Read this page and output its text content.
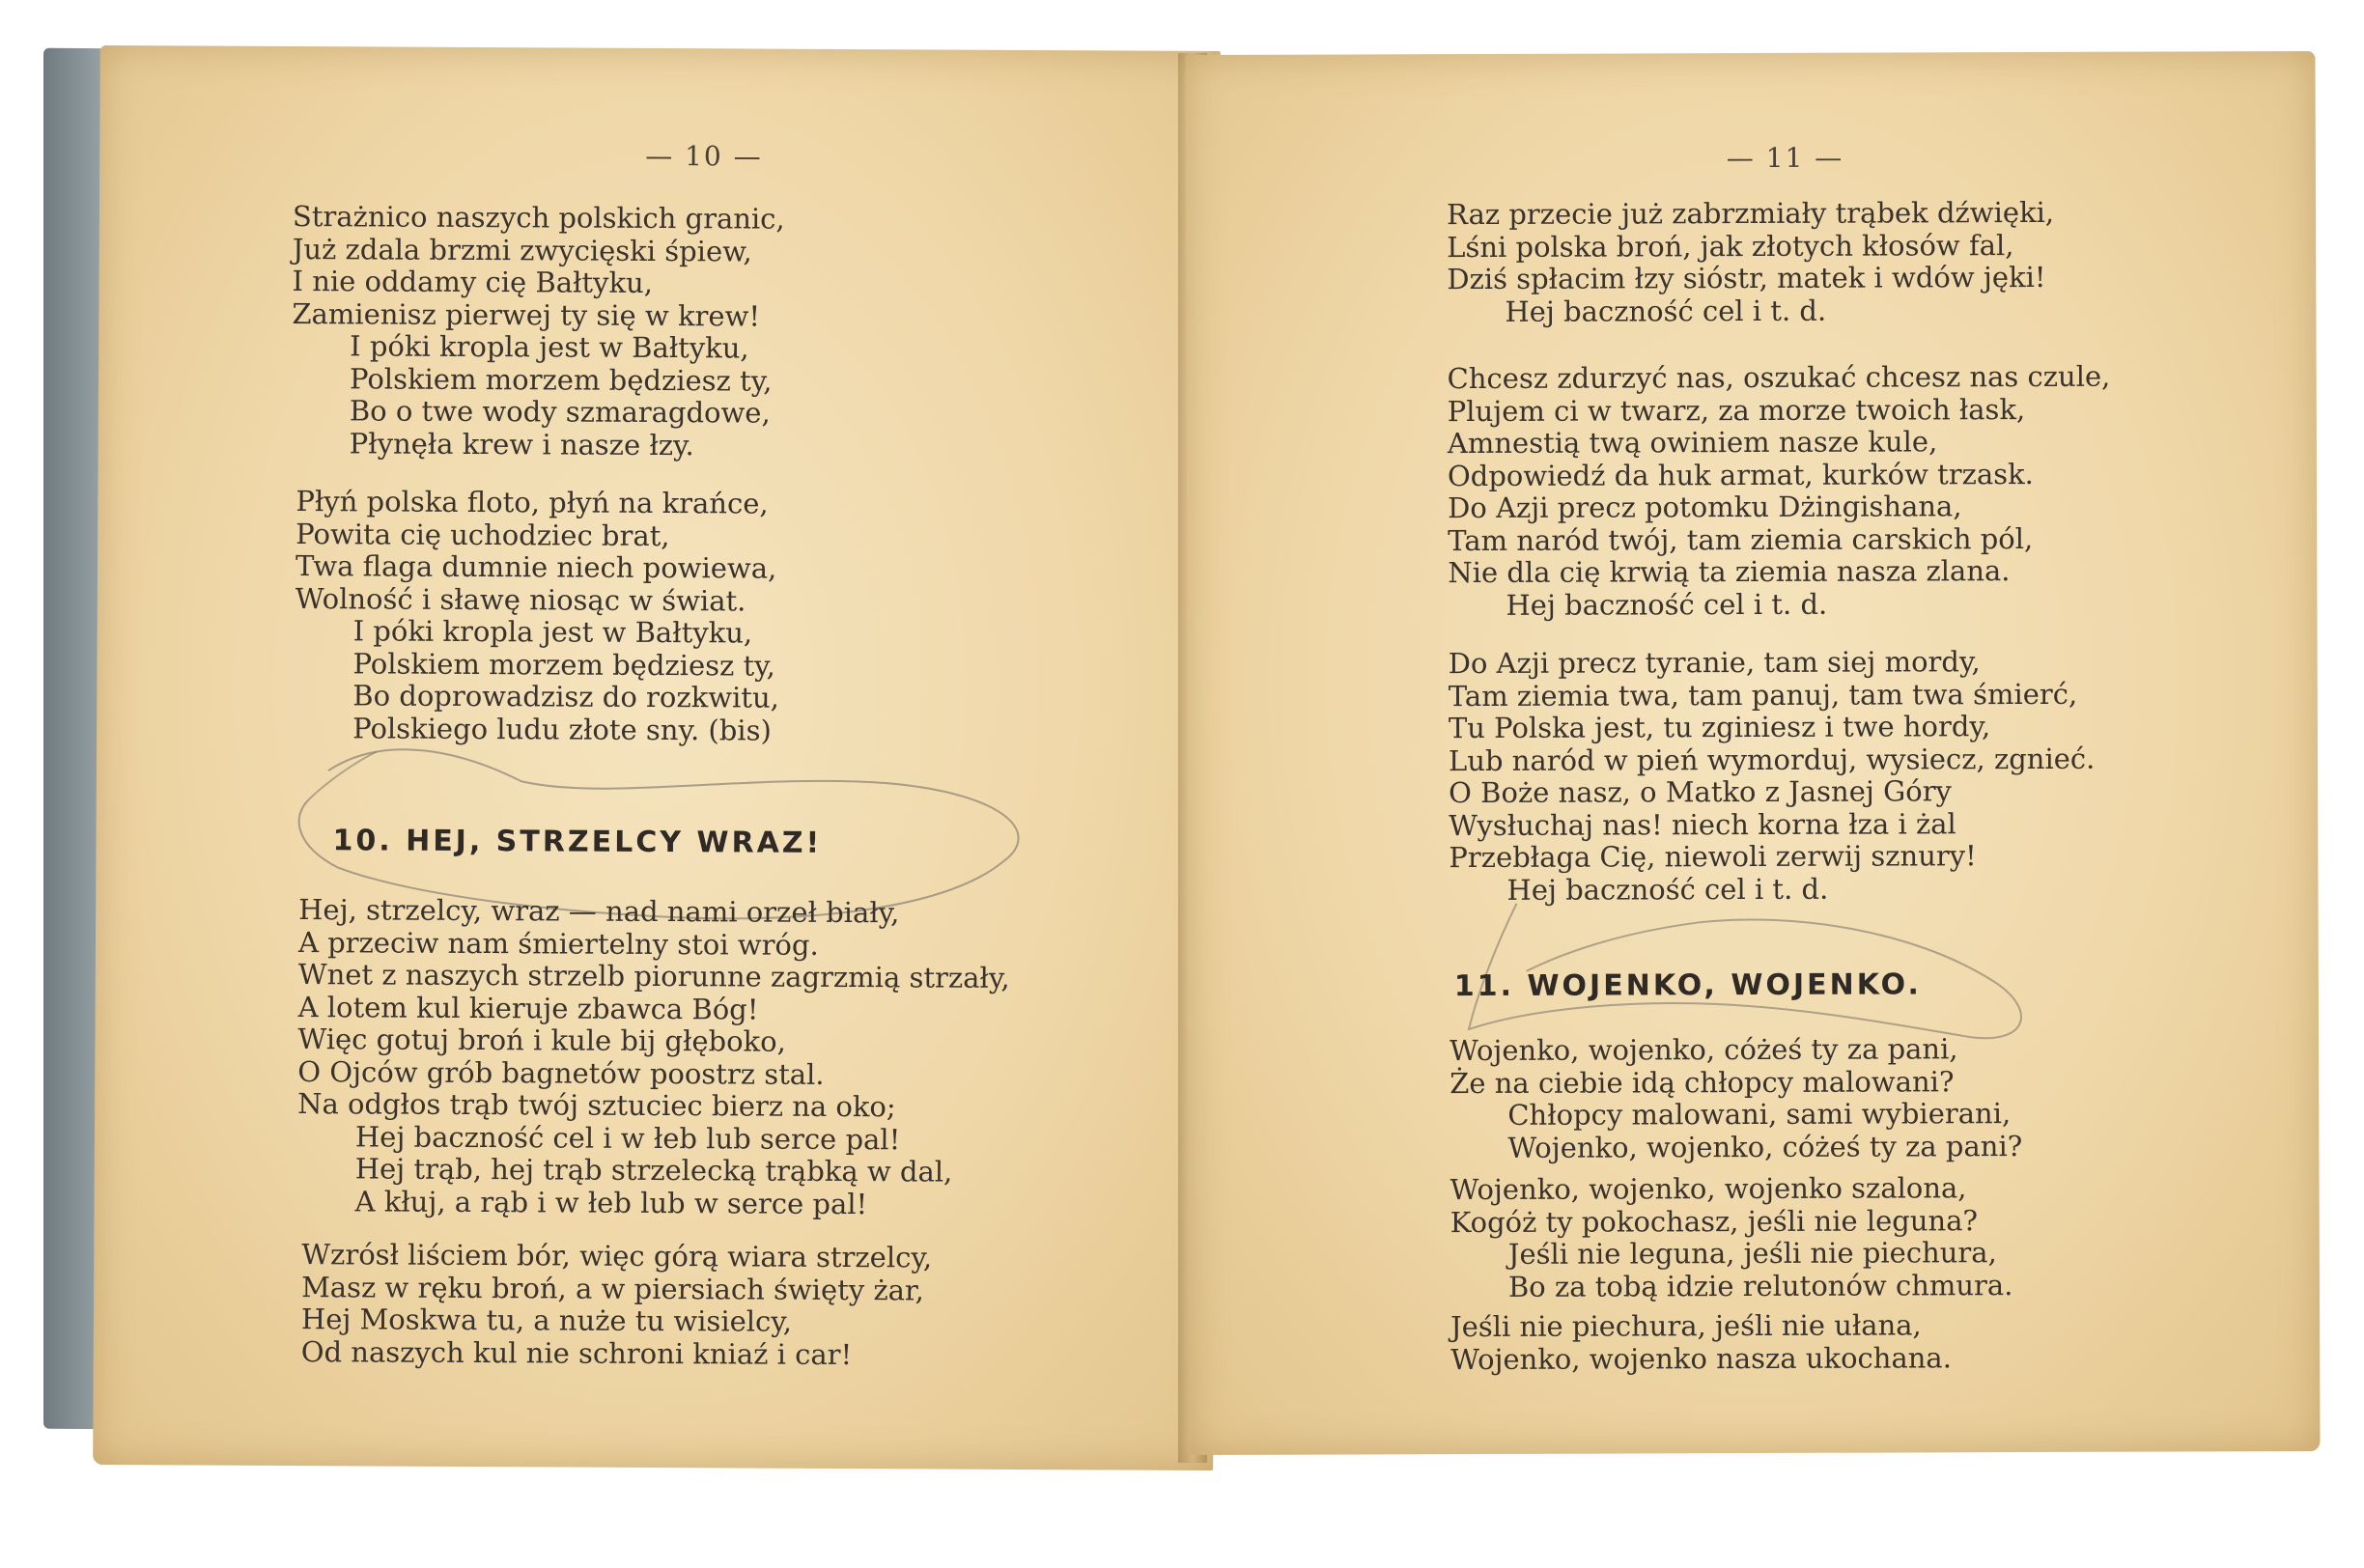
— 10 —
Strażnico naszych polskich granic,
Już zdala brzmi zwycięski śpiew,
I nie oddamy cię Bałtyku,
Zamienisz pierwej ty się w krew!
I póki kropla jest w Bałtyku,
Polskiem morzem będziesz ty,
Bo o twe wody szmaragdowe,
Płynęła krew i nasze łzy.
Płyń polska floto, płyń na krańce,
Powita cię uchodziec brat,
Twa flaga dumnie niech powiewa,
Wolność i sławę niosąc w świat.
I póki kropla jest w Bałtyku,
Polskiem morzem będziesz ty,
Bo doprowadzisz do rozkwitu,
Polskiego ludu złote sny. (bis)
10. HEJ, STRZELCY WRAZ!
Hej, strzelcy, wraz — nad nami orzeł biały,
A przeciw nam śmiertelny stoi wróg.
Wnet z naszych strzelb piorunne zagrzmią strzały,
A lotem kul kieruje zbawca Bóg!
Więc gotuj broń i kule bij głęboko,
O Ojców grób bagnetów poostrz stal.
Na odgłos trąb twój sztuciec bierz na oko;
Hej baczność cel i w łeb lub serce pal!
Hej trąb, hej trąb strzelecką trąbką w dal,
A kłuj, a rąb i w łeb lub w serce pal!
Wzrósł liściem bór, więc górą wiara strzelcy,
Masz w ręku broń, a w piersiach święty żar,
Hej Moskwa tu, a nuże tu wisielcy,
Od naszych kul nie schroni kniaź i car!
— 11 —
Raz przecie już zabrzmiały trąbek dźwięki,
Lśni polska broń, jak złotych kłosów fal,
Dziś spłacim łzy sióstr, matek i wdów jęki!
Hej baczność cel i t. d.
Chcesz zdurzyć nas, oszukać chcesz nas czule,
Plujem ci w twarz, za morze twoich łask,
Amnestią twą owiniem nasze kule,
Odpowiedź da huk armat, kurków trzask.
Do Azji precz potomku Dżingishana,
Tam naród twój, tam ziemia carskich pól,
Nie dla cię krwią ta ziemia nasza zlana.
Hej baczność cel i t. d.
Do Azji precz tyranie, tam siej mordy,
Tam ziemia twa, tam panuj, tam twa śmierć,
Tu Polska jest, tu zginiesz i twe hordy,
Lub naród w pień wymorduj, wysiecz, zgnieć.
O Boże nasz, o Matko z Jasnej Góry
Wysłuchaj nas! niech korna łza i żal
Przebłaga Cię, niewoli zerwij sznury!
Hej baczność cel i t. d.
11. WOJENKO, WOJENKO.
Wojenko, wojenko, cóżeś ty za pani,
Że na ciebie idą chłopcy malowani?
Chłopcy malowani, sami wybierani,
Wojenko, wojenko, cóżeś ty za pani?
Wojenko, wojenko, wojenko szalona,
Kogóż ty pokochasz, jeśli nie leguna?
Jeśli nie leguna, jeśli nie piechura,
Bo za tobą idzie relutonów chmura.
Jeśli nie piechura, jeśli nie ułana,
Wojenko, wojenko nasza ukochana.
